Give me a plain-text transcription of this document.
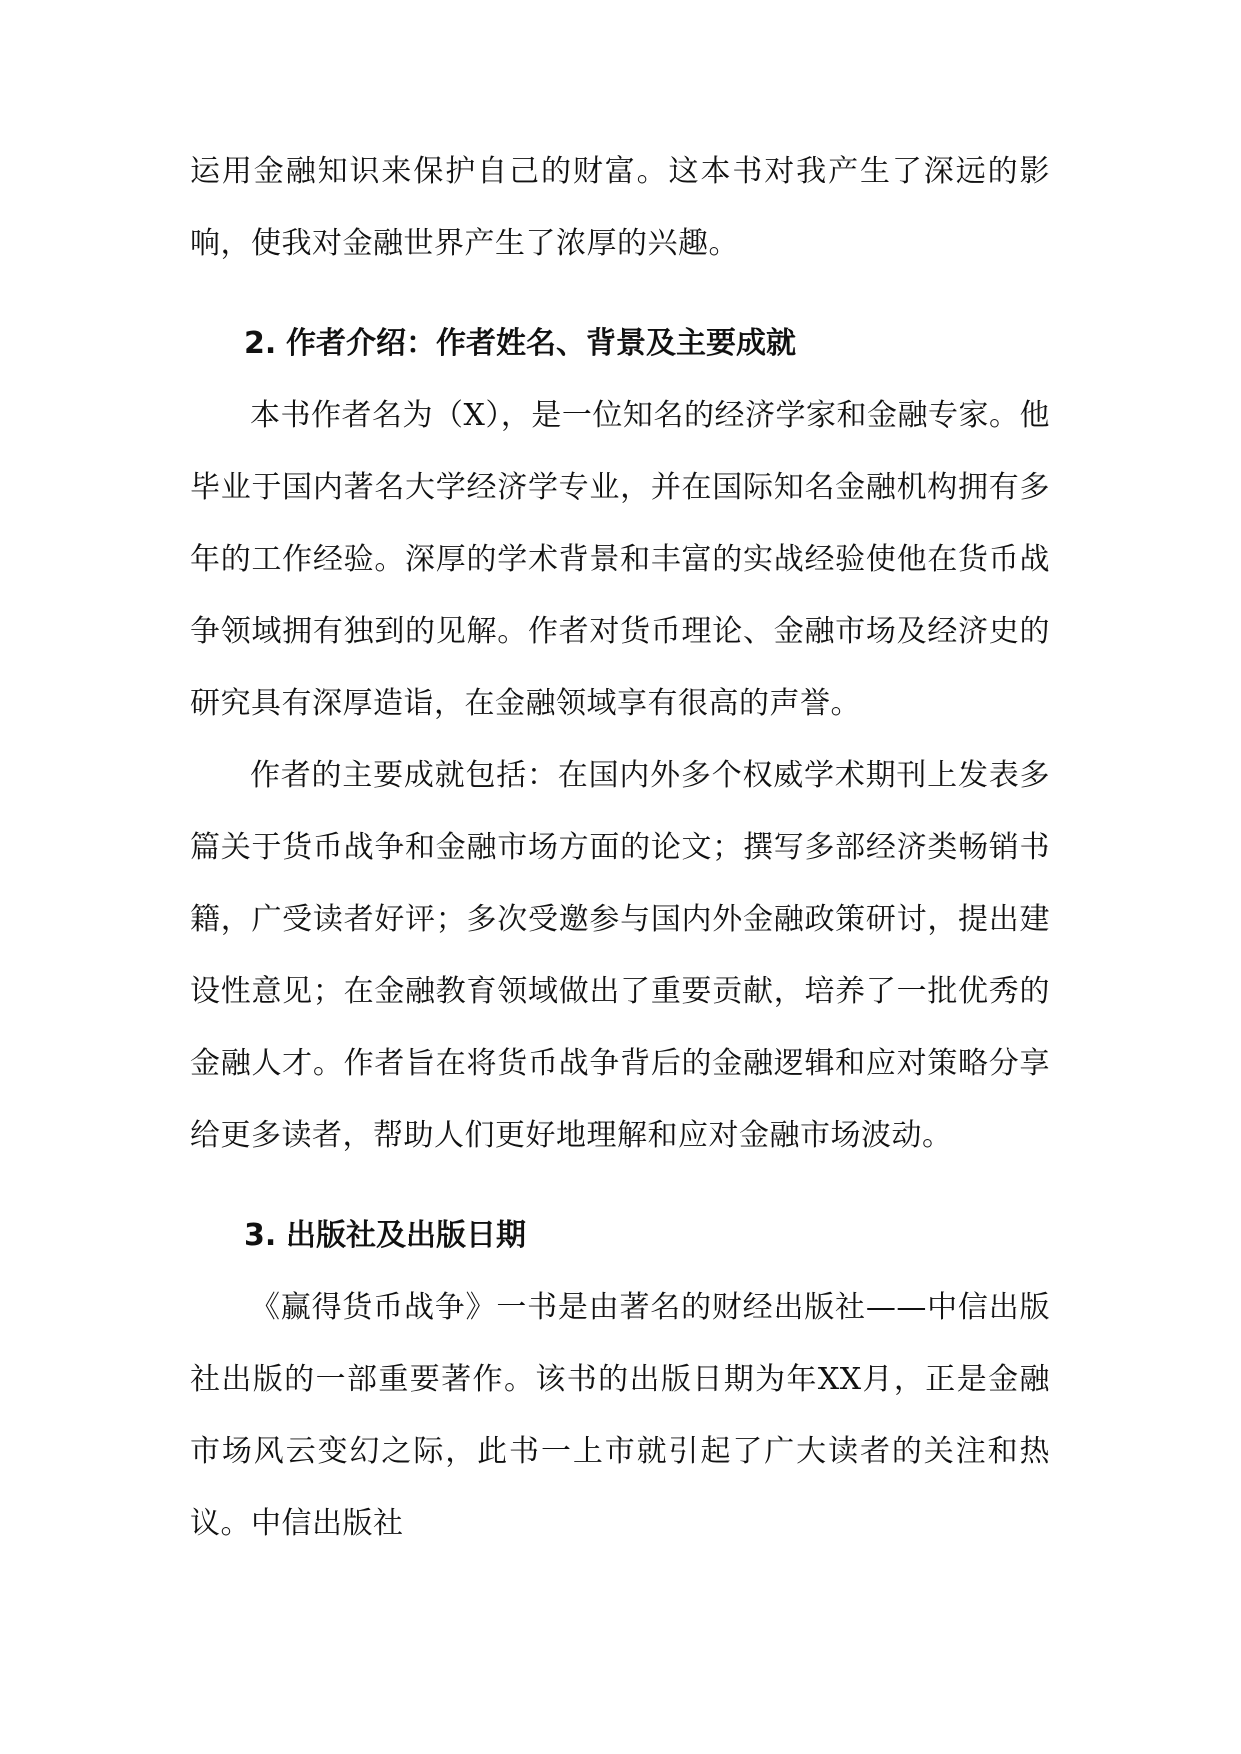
运用金融知识来保护自己的财富。这本书对我产生了深远的影响，使我对金融世界产生了浓厚的兴趣。

2. 作者介绍：作者姓名、背景及主要成就

本书作者名为（X），是一位知名的经济学家和金融专家。他毕业于国内著名大学经济学专业，并在国际知名金融机构拥有多年的工作经验。深厚的学术背景和丰富的实战经验使他在货币战争领域拥有独到的见解。作者对货币理论、金融市场及经济史的研究具有深厚造诣，在金融领域享有很高的声誉。

作者的主要成就包括：在国内外多个权威学术期刊上发表多篇关于货币战争和金融市场方面的论文；撰写多部经济类畅销书籍，广受读者好评；多次受邀参与国内外金融政策研讨，提出建设性意见；在金融教育领域做出了重要贡献，培养了一批优秀的金融人才。作者旨在将货币战争背后的金融逻辑和应对策略分享给更多读者，帮助人们更好地理解和应对金融市场波动。

3. 出版社及出版日期

《赢得货币战争》一书是由著名的财经出版社——中信出版社出版的一部重要著作。该书的出版日期为年XX月，正是金融市场风云变幻之际，此书一上市就引起了广大读者的关注和热议。中信出版社
